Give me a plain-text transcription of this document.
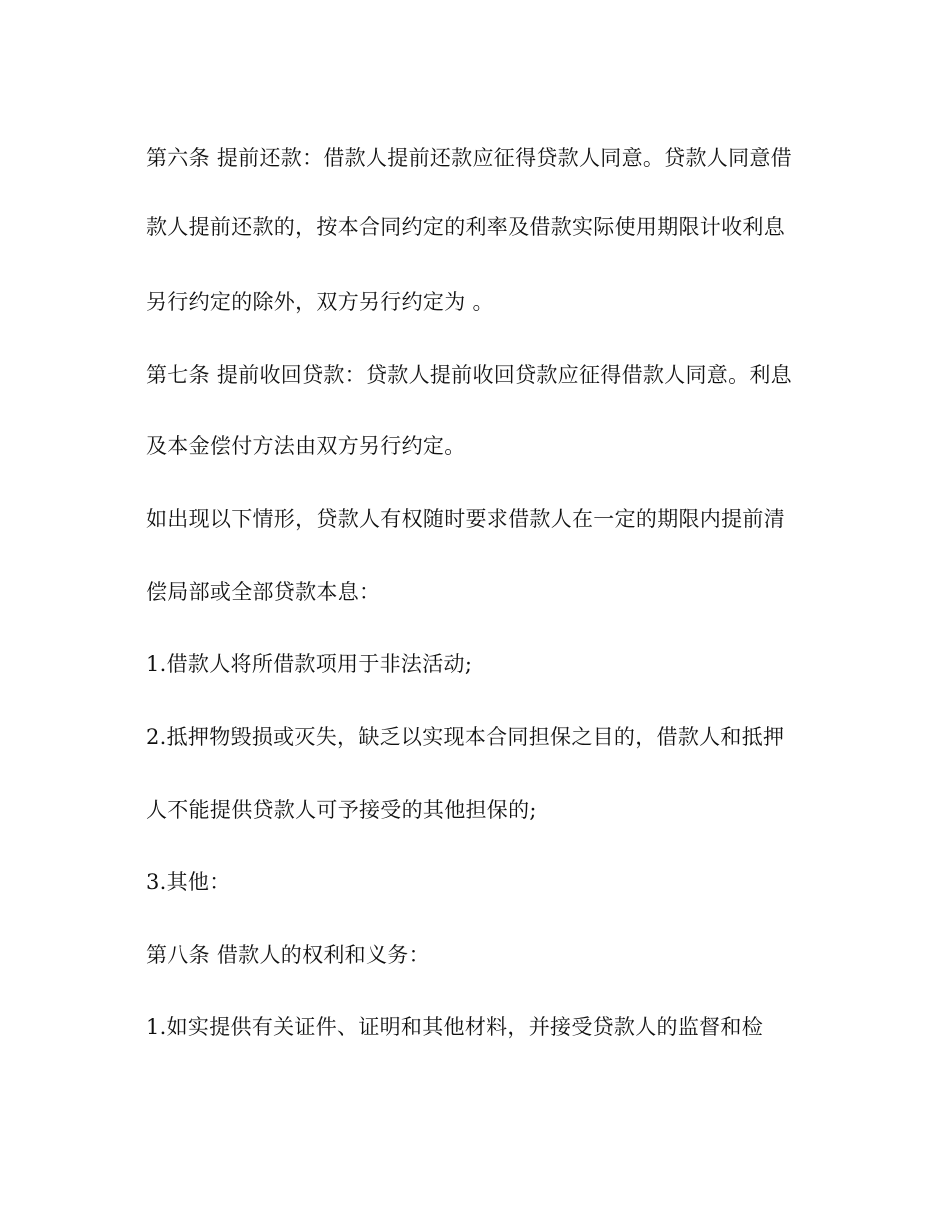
第六条 提前还款：借款人提前还款应征得贷款人同意。贷款人同意借
款人提前还款的，按本合同约定的利率及借款实际使用期限计收利息
另行约定的除外，双方另行约定为 。
第七条 提前收回贷款：贷款人提前收回贷款应征得借款人同意。利息
及本金偿付方法由双方另行约定。
如出现以下情形，贷款人有权随时要求借款人在一定的期限内提前清
偿局部或全部贷款本息：
1.借款人将所借款项用于非法活动;
2.抵押物毁损或灭失，缺乏以实现本合同担保之目的，借款人和抵押
人不能提供贷款人可予接受的其他担保的;
3.其他：
第八条 借款人的权利和义务：
1.如实提供有关证件、证明和其他材料，并接受贷款人的监督和检
